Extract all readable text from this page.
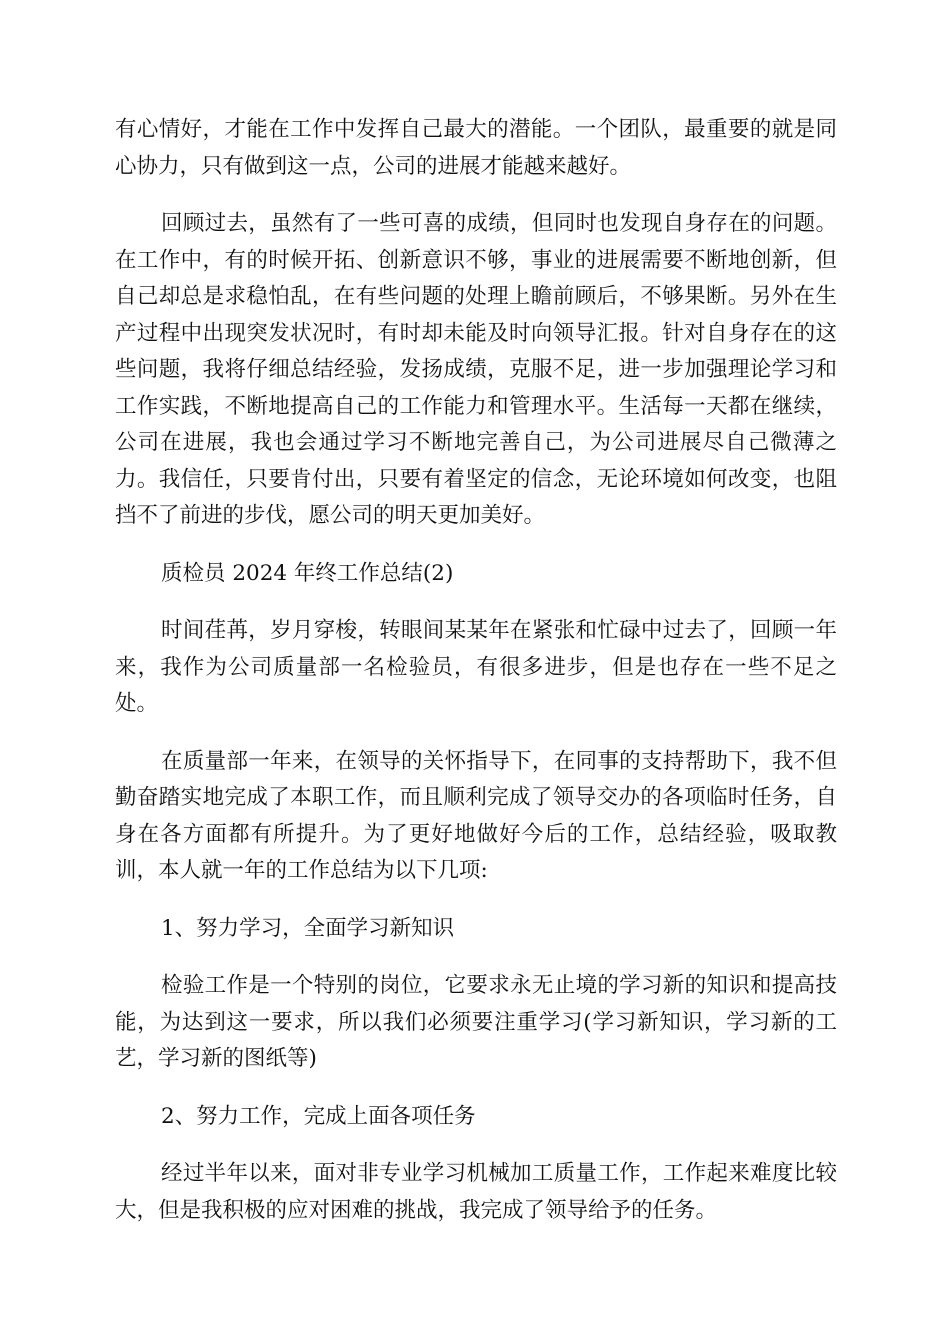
有心情好，才能在工作中发挥自己最大的潜能。一个团队，最重要的就是同心协力，只有做到这一点，公司的进展才能越来越好。

回顾过去，虽然有了一些可喜的成绩，但同时也发现自身存在的问题。在工作中，有的时候开拓、创新意识不够，事业的进展需要不断地创新，但自己却总是求稳怕乱，在有些问题的处理上瞻前顾后，不够果断。另外在生产过程中出现突发状况时，有时却未能及时向领导汇报。针对自身存在的这些问题，我将仔细总结经验，发扬成绩，克服不足，进一步加强理论学习和工作实践，不断地提高自己的工作能力和管理水平。生活每一天都在继续，公司在进展，我也会通过学习不断地完善自己，为公司进展尽自己微薄之力。我信任，只要肯付出，只要有着坚定的信念，无论环境如何改变，也阻挡不了前进的步伐，愿公司的明天更加美好。

质检员 2024 年终工作总结(2)

时间荏苒，岁月穿梭，转眼间某某年在紧张和忙碌中过去了，回顾一年来，我作为公司质量部一名检验员，有很多进步，但是也存在一些不足之处。

在质量部一年来，在领导的关怀指导下，在同事的支持帮助下，我不但勤奋踏实地完成了本职工作，而且顺利完成了领导交办的各项临时任务，自身在各方面都有所提升。为了更好地做好今后的工作，总结经验，吸取教训，本人就一年的工作总结为以下几项:

1、努力学习，全面学习新知识

检验工作是一个特别的岗位，它要求永无止境的学习新的知识和提高技能，为达到这一要求，所以我们必须要注重学习(学习新知识，学习新的工艺，学习新的图纸等)

2、努力工作，完成上面各项任务

经过半年以来，面对非专业学习机械加工质量工作，工作起来难度比较大，但是我积极的应对困难的挑战，我完成了领导给予的任务。
